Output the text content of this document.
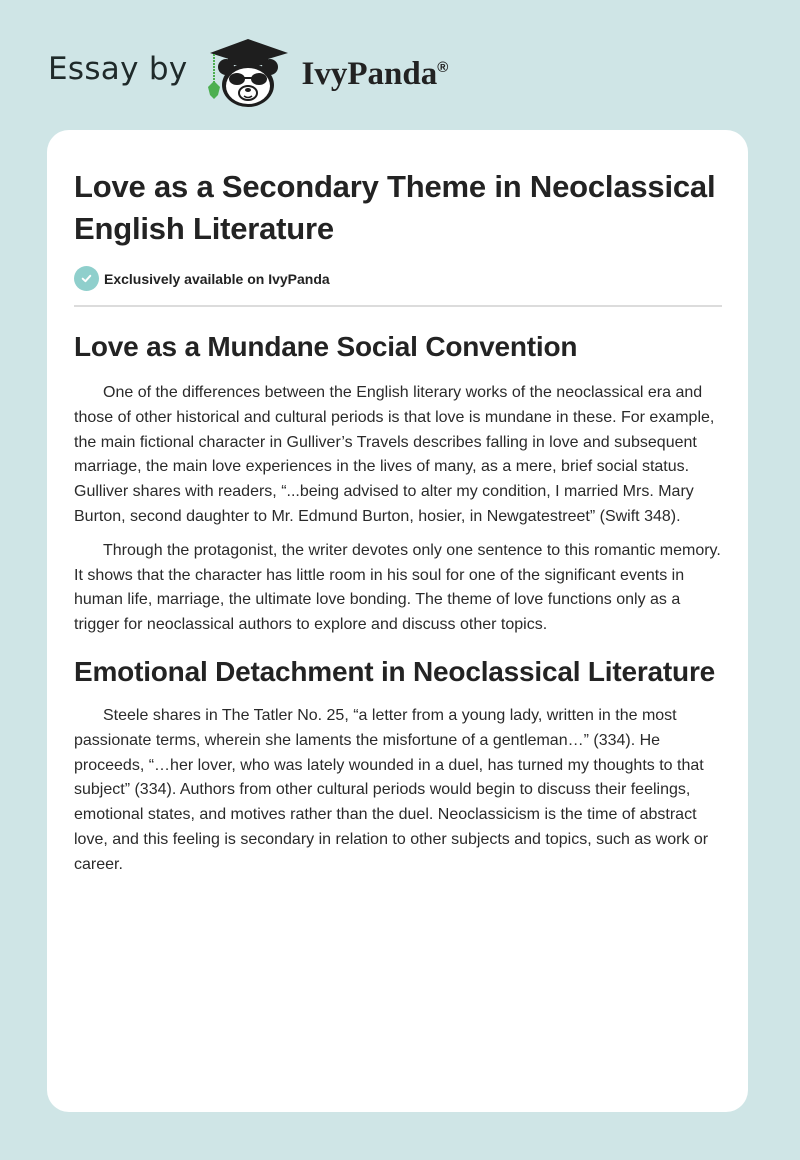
Essay by	IvyPanda®
Love as a Secondary Theme in Neoclassical English Literature
Exclusively available on IvyPanda
Love as a Mundane Social Convention

One of the differences between the English literary works of the neoclassical era and those of other historical and cultural periods is that love is mundane in these. For example, the main fictional character in Gulliver’s Travels describes falling in love and subsequent marriage, the main love experiences in the lives of many, as a mere, brief social status. Gulliver shares with readers, “...being advised to alter my condition, I married Mrs. Mary Burton, second daughter to Mr. Edmund Burton, hosier, in Newgatestreet” (Swift 348).

Through the protagonist, the writer devotes only one sentence to this romantic memory. It shows that the character has little room in his soul for one of the significant events in human life, marriage, the ultimate love bonding. The theme of love functions only as a trigger for neoclassical authors to explore and discuss other topics.

Emotional Detachment in Neoclassical Literature

Steele shares in The Tatler No. 25, “a letter from a young lady, written in the most passionate terms, wherein she laments the misfortune of a gentleman…” (334). He proceeds, “…her lover, who was lately wounded in a duel, has turned my thoughts to that subject” (334). Authors from other cultural periods would begin to discuss their feelings, emotional states, and motives rather than the duel. Neoclassicism is the time of abstract love, and this feeling is secondary in relation to other subjects and topics, such as work or career.
